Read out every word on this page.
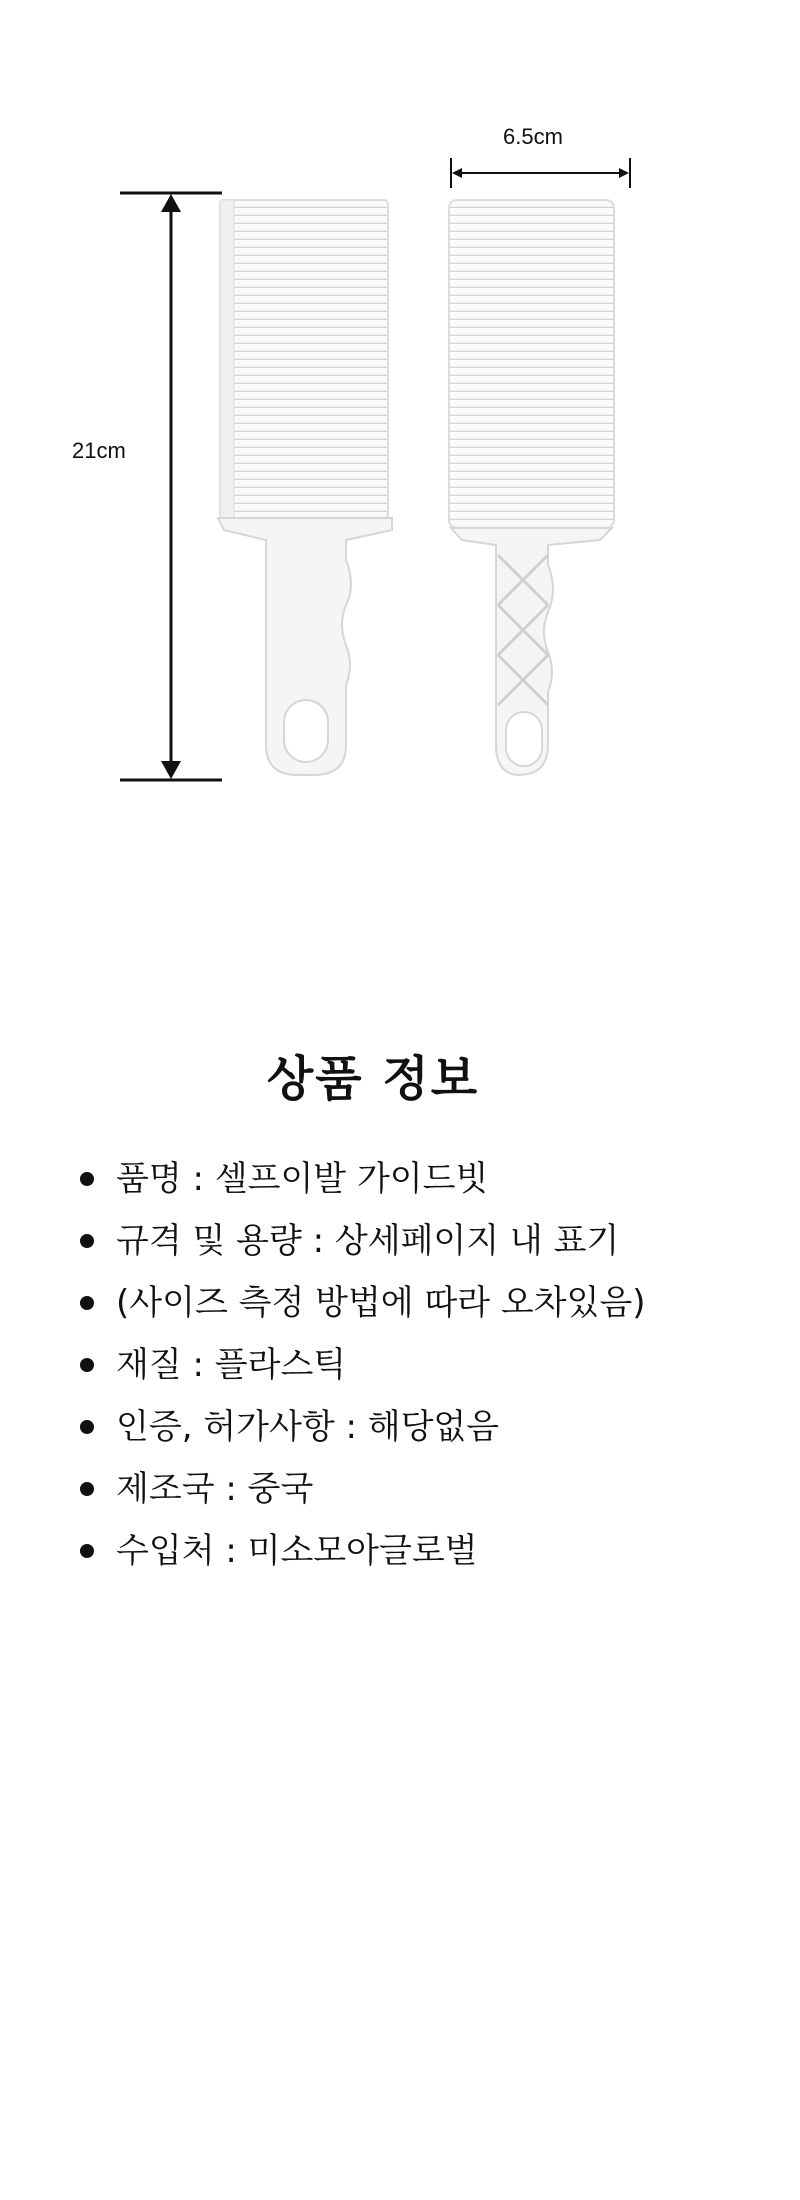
6.5cm
21cm
상품 정보
품명 : 셀프이발 가이드빗
규격 및 용량 : 상세페이지 내 표기
(사이즈 측정 방법에 따라 오차있음)
재질 : 플라스틱
인증, 허가사항 : 해당없음
제조국 : 중국
수입처 : 미소모아글로벌
